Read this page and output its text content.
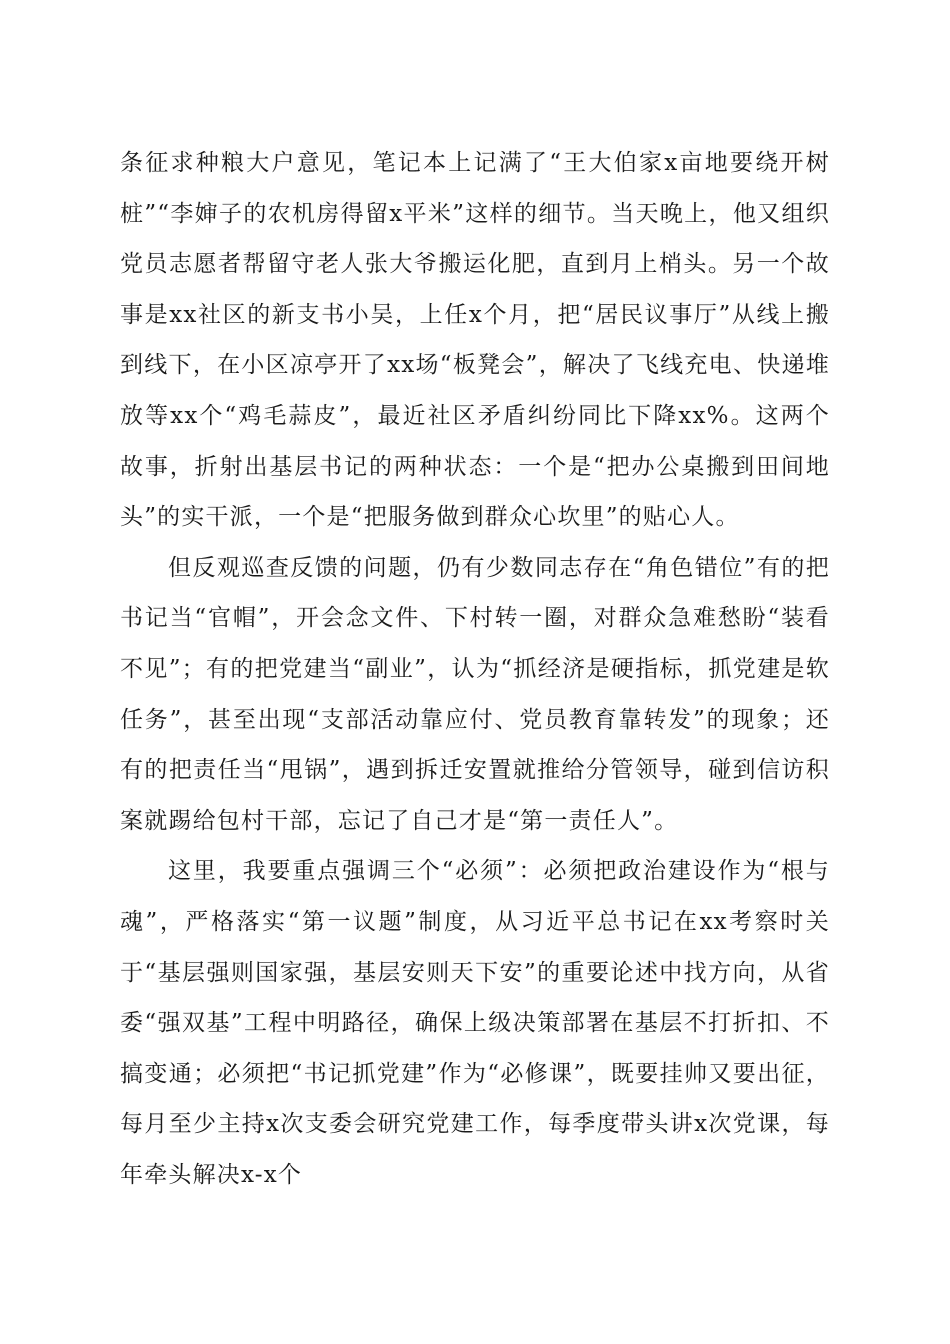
条征求种粮大户意见，笔记本上记满了“王大伯家x亩地要绕开树桩”“李婶子的农机房得留x平米”这样的细节。当天晚上，他又组织党员志愿者帮留守老人张大爷搬运化肥，直到月上梢头。另一个故事是xx社区的新支书小吴，上任x个月，把“居民议事厅”从线上搬到线下，在小区凉亭开了xx场“板凳会”，解决了飞线充电、快递堆放等xx个“鸡毛蒜皮”，最近社区矛盾纠纷同比下降xx%。这两个故事，折射出基层书记的两种状态：一个是“把办公桌搬到田间地头”的实干派，一个是“把服务做到群众心坎里”的贴心人。

但反观巡查反馈的问题，仍有少数同志存在“角色错位”有的把书记当“官帽”，开会念文件、下村转一圈，对群众急难愁盼“装看不见”；有的把党建当“副业”，认为“抓经济是硬指标，抓党建是软任务”，甚至出现“支部活动靠应付、党员教育靠转发”的现象；还有的把责任当“甩锅”，遇到拆迁安置就推给分管领导，碰到信访积案就踢给包村干部，忘记了自己才是“第一责任人”。

这里，我要重点强调三个“必须”：必须把政治建设作为“根与魂”，严格落实“第一议题”制度，从习近平总书记在xx考察时关于“基层强则国家强，基层安则天下安”的重要论述中找方向，从省委“强双基”工程中明路径，确保上级决策部署在基层不打折扣、不搞变通；必须把“书记抓党建”作为“必修课”，既要挂帅又要出征，每月至少主持x次支委会研究党建工作，每季度带头讲x次党课，每年牵头解决x-x个
